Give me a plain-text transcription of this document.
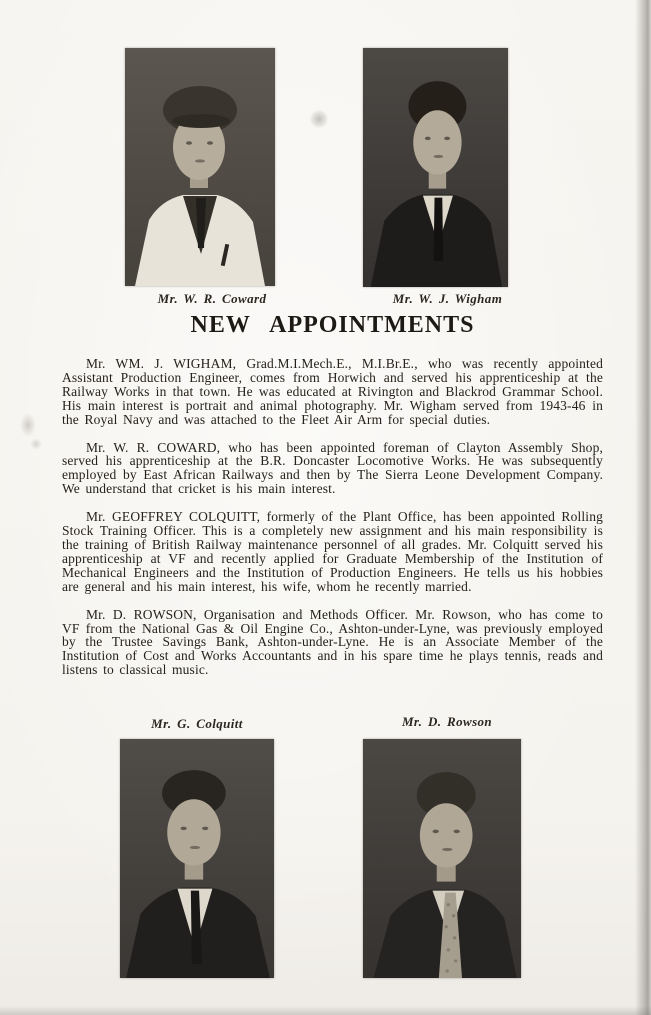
Mr. W. R. Coward	Mr. W. J. Wigham
NEW APPOINTMENTS

Mr. WM. J. WIGHAM, Grad.M.I.Mech.E., M.I.Br.E., who was recently appointed Assistant Production Engineer, comes from Horwich and served his apprenticeship at the Railway Works in that town. He was educated at Rivington and Blackrod Grammar School. His main interest is portrait and animal photography. Mr. Wigham served from 1943-46 in the Royal Navy and was attached to the Fleet Air Arm for special duties.

Mr. W. R. COWARD, who has been appointed foreman of Clayton Assembly Shop, served his apprenticeship at the B.R. Doncaster Locomotive Works. He was subsequently employed by East African Railways and then by The Sierra Leone Development Company. We understand that cricket is his main interest.

Mr. GEOFFREY COLQUITT, formerly of the Plant Office, has been appointed Rolling Stock Training Officer. This is a completely new assignment and his main responsibility is the training of British Railway maintenance personnel of all grades. Mr. Colquitt served his apprenticeship at VF and recently applied for Graduate Membership of the Institution of Mechanical Engineers and the Institution of Production Engineers. He tells us his hobbies are general and his main interest, his wife, whom he recently married.

Mr. D. ROWSON, Organisation and Methods Officer. Mr. Rowson, who has come to VF from the National Gas & Oil Engine Co., Ashton-under-Lyne, was previously employed by the Trustee Savings Bank, Ashton-under-Lyne. He is an Associate Member of the Institution of Cost and Works Accountants and in his spare time he plays tennis, reads and listens to classical music.

Mr. G. Colquitt	Mr. D. Rowson
